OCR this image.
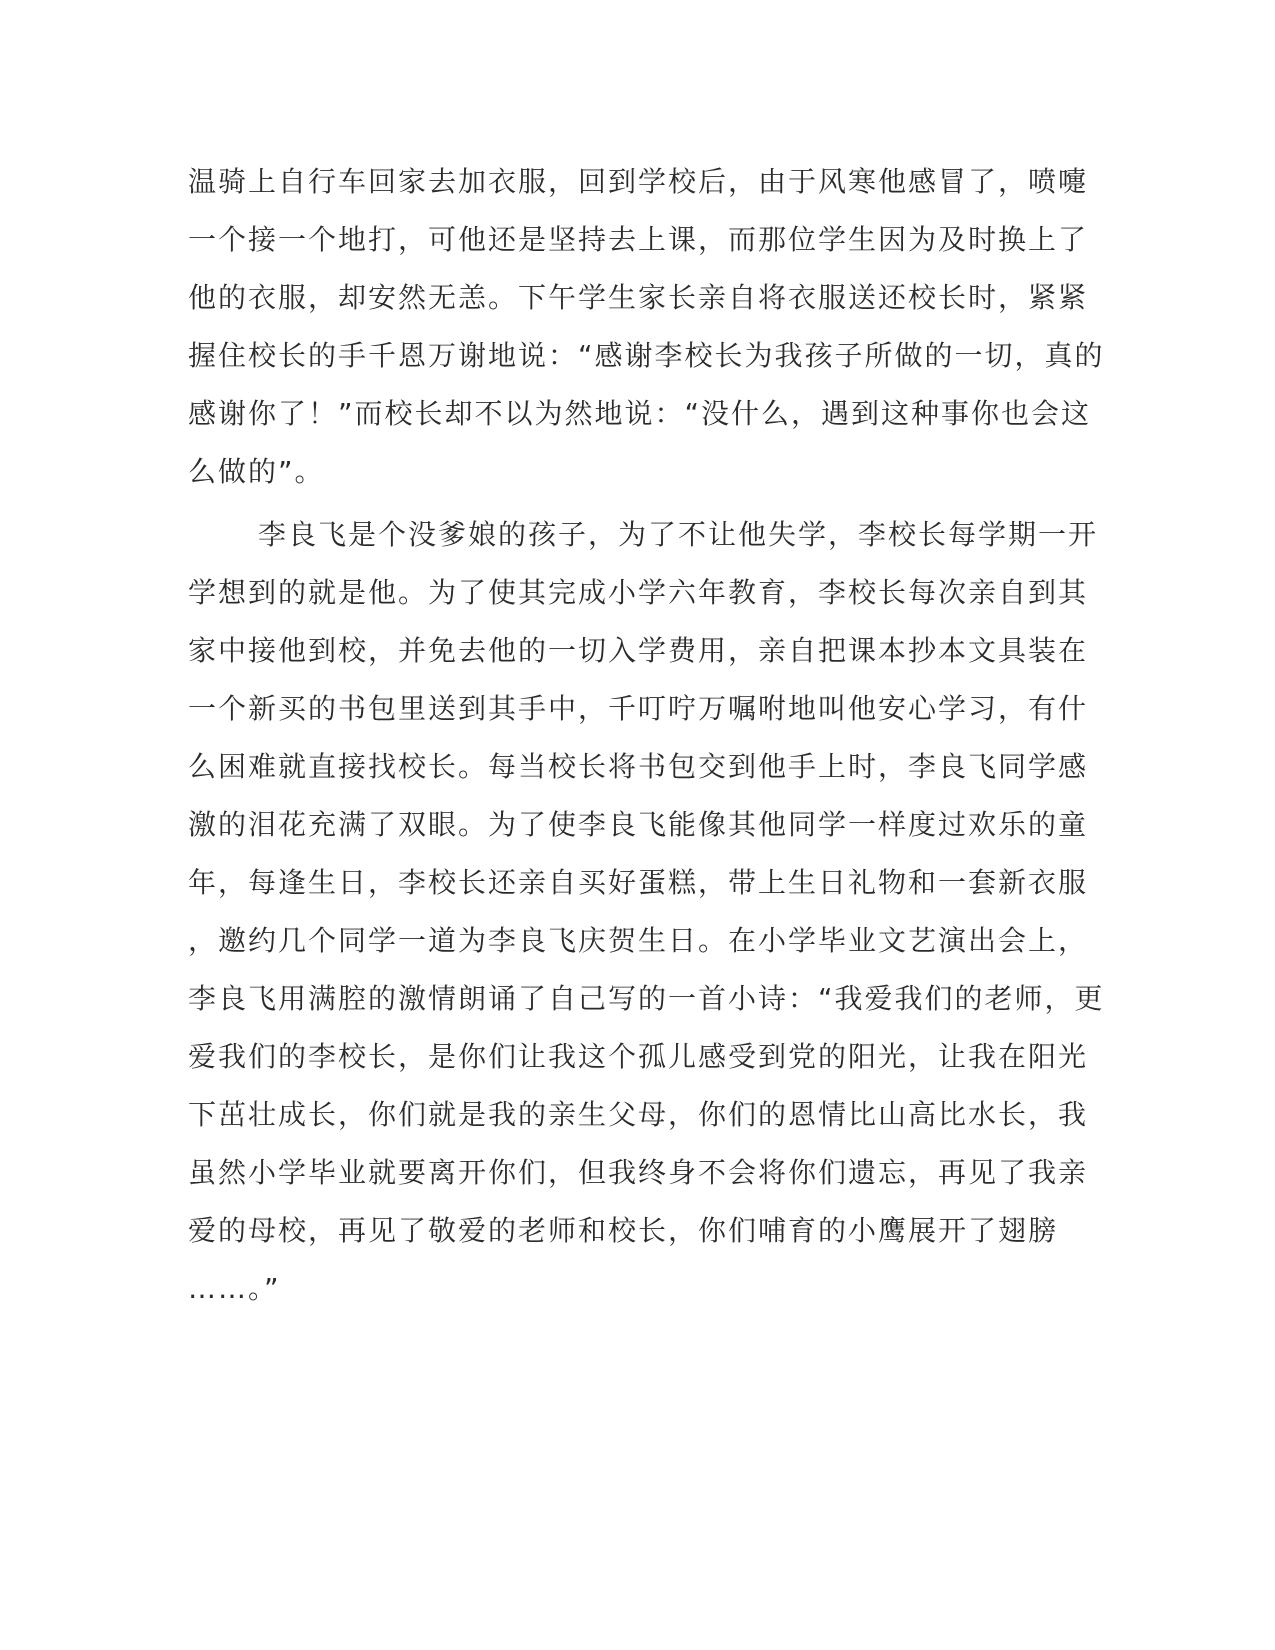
温骑上自行车回家去加衣服，回到学校后，由于风寒他感冒了，喷嚏

一个接一个地打，可他还是坚持去上课，而那位学生因为及时换上了

他的衣服，却安然无恙。下午学生家长亲自将衣服送还校长时，紧紧

握住校长的手千恩万谢地说：“感谢李校长为我孩子所做的一切，真的

感谢你了！”而校长却不以为然地说：“没什么，遇到这种事你也会这

么做的”。

李良飞是个没爹娘的孩子，为了不让他失学，李校长每学期一开

学想到的就是他。为了使其完成小学六年教育，李校长每次亲自到其

家中接他到校，并免去他的一切入学费用，亲自把课本抄本文具装在

一个新买的书包里送到其手中，千叮咛万嘱咐地叫他安心学习，有什

么困难就直接找校长。每当校长将书包交到他手上时，李良飞同学感

激的泪花充满了双眼。为了使李良飞能像其他同学一样度过欢乐的童

年，每逢生日，李校长还亲自买好蛋糕，带上生日礼物和一套新衣服

，邀约几个同学一道为李良飞庆贺生日。在小学毕业文艺演出会上，

李良飞用满腔的激情朗诵了自己写的一首小诗：“我爱我们的老师，更

爱我们的李校长，是你们让我这个孤儿感受到党的阳光，让我在阳光

下茁壮成长，你们就是我的亲生父母，你们的恩情比山高比水长，我

虽然小学毕业就要离开你们，但我终身不会将你们遗忘，再见了我亲

爱的母校，再见了敬爱的老师和校长，你们哺育的小鹰展开了翅膀

……。”
